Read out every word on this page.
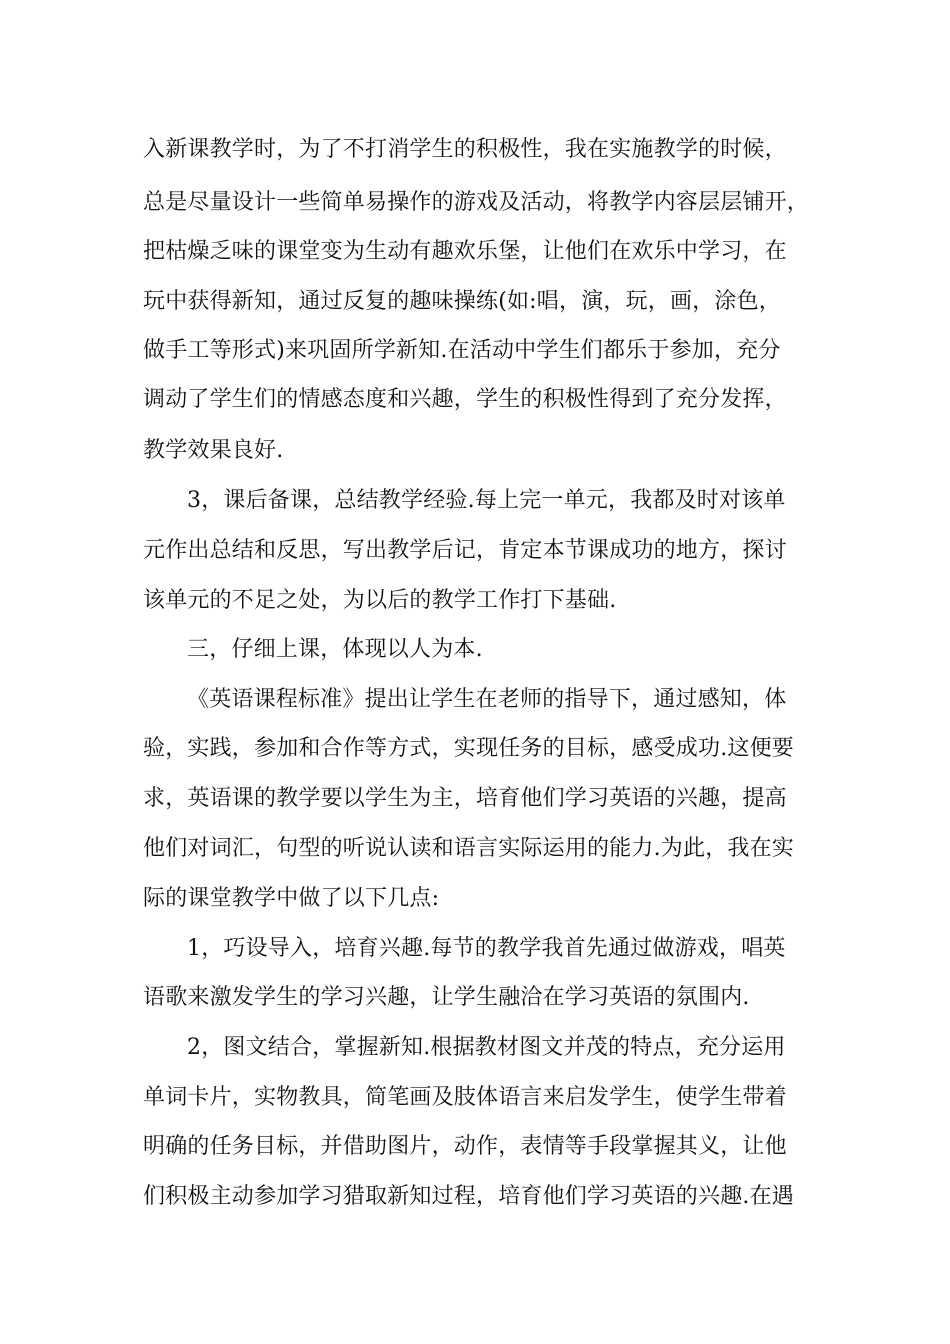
入新课教学时，为了不打消学生的积极性，我在实施教学的时候，
总是尽量设计一些简单易操作的游戏及活动，将教学内容层层铺开，
把枯燥乏味的课堂变为生动有趣欢乐堡，让他们在欢乐中学习，在
玩中获得新知，通过反复的趣味操练(如:唱，演，玩，画，涂色，
做手工等形式)来巩固所学新知.在活动中学生们都乐于参加，充分
调动了学生们的情感态度和兴趣，学生的积极性得到了充分发挥，
教学效果良好.
3，课后备课，总结教学经验.每上完一单元，我都及时对该单
元作出总结和反思，写出教学后记，肯定本节课成功的地方，探讨
该单元的不足之处，为以后的教学工作打下基础.
三，仔细上课，体现以人为本.
《英语课程标准》提出让学生在老师的指导下，通过感知，体
验，实践，参加和合作等方式，实现任务的目标，感受成功.这便要
求，英语课的教学要以学生为主，培育他们学习英语的兴趣，提高
他们对词汇，句型的听说认读和语言实际运用的能力.为此，我在实
际的课堂教学中做了以下几点:
1，巧设导入，培育兴趣.每节的教学我首先通过做游戏，唱英
语歌来激发学生的学习兴趣，让学生融洽在学习英语的氛围内.
2，图文结合，掌握新知.根据教材图文并茂的特点，充分运用
单词卡片，实物教具，简笔画及肢体语言来启发学生，使学生带着
明确的任务目标，并借助图片，动作，表情等手段掌握其义，让他
们积极主动参加学习猎取新知过程，培育他们学习英语的兴趣.在遇
